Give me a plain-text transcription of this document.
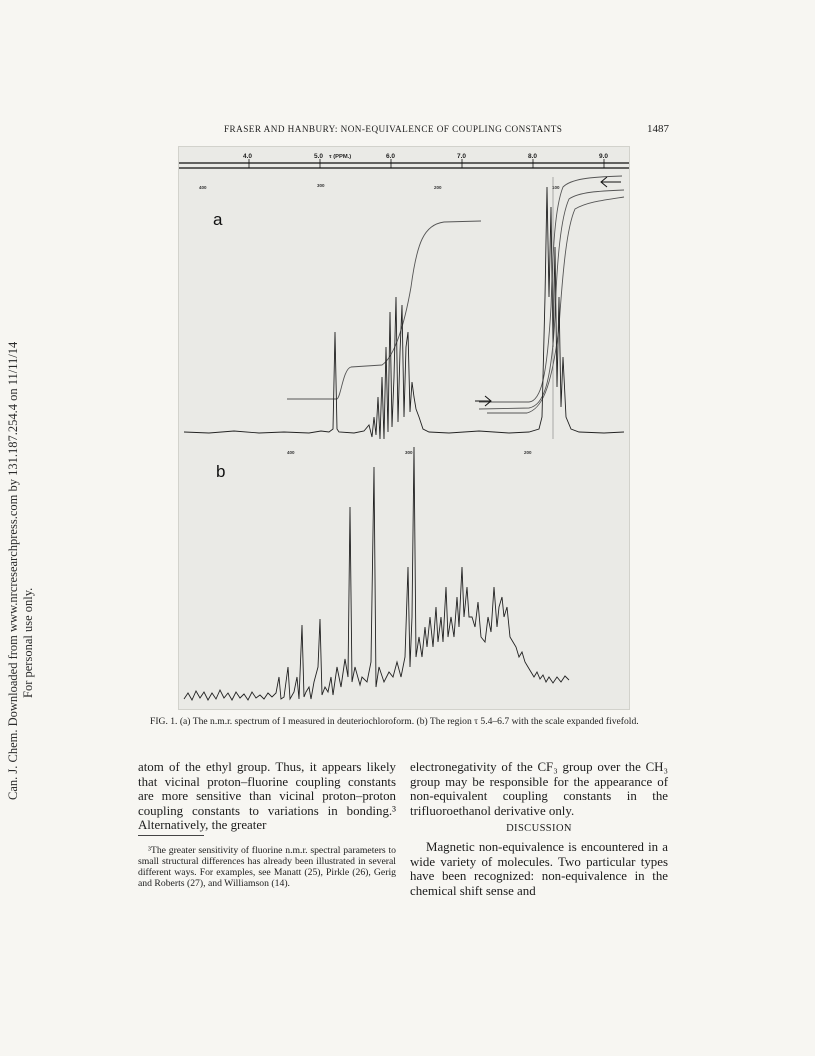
Can. J. Chem. Downloaded from www.nrcresearchpress.com by 131.187.254.4 on 11/11/14 For personal use only.
FRASER AND HANBURY: NON-EQUIVALENCE OF COUPLING CONSTANTS	1487
4.0	5.0 τ (PPM.)	6.0	7.0	8.0	9.0
400	300	200	100
a
400	300	200
b
FIG. 1. (a) The n.m.r. spectrum of I measured in deuteriochloroform. (b) The region τ 5.4–6.7 with the scale expanded fivefold.

atom of the ethyl group. Thus, it appears likely that vicinal proton–fluorine coupling constants are more sensitive than vicinal proton–proton coupling constants to variations in bonding.³ Alternatively, the greater

³The greater sensitivity of fluorine n.m.r. spectral parameters to small structural differences has already been illustrated in several different ways. For examples, see Manatt (25), Pirkle (26), Gerig and Roberts (27), and Williamson (14).

electronegativity of the CF₃ group over the CH₃ group may be responsible for the appearance of non-equivalent coupling constants in the trifluoroethanol derivative only.

DISCUSSION

Magnetic non-equivalence is encountered in a wide variety of molecules. Two particular types have been recognized: non-equivalence in the chemical shift sense and
